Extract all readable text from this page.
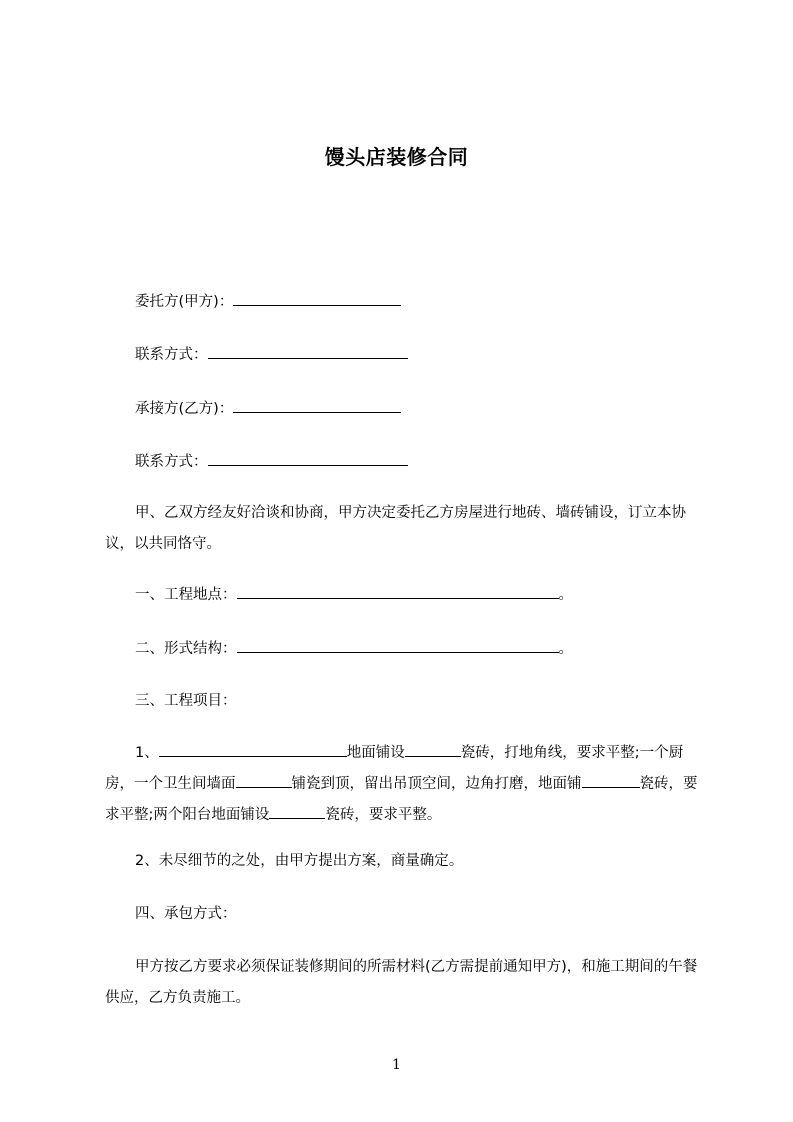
馒头店装修合同
委托方(甲方)：
联系方式：
承接方(乙方)：
联系方式：
甲、乙双方经友好洽谈和协商，甲方决定委托乙方房屋进行地砖、墙砖铺设，订立本协议，以共同恪守。
一、工程地点：	。
二、形式结构：	。
三、工程项目：
1、	地面铺设	瓷砖，打地角线，要求平整;一个厨房，一个卫生间墙面	铺瓷到顶，留出吊顶空间，边角打磨，地面铺	瓷砖，要求平整;两个阳台地面铺设	瓷砖，要求平整。
2、未尽细节的之处，由甲方提出方案，商量确定。
四、承包方式：
甲方按乙方要求必须保证装修期间的所需材料(乙方需提前通知甲方)，和施工期间的午餐供应，乙方负责施工。
1
